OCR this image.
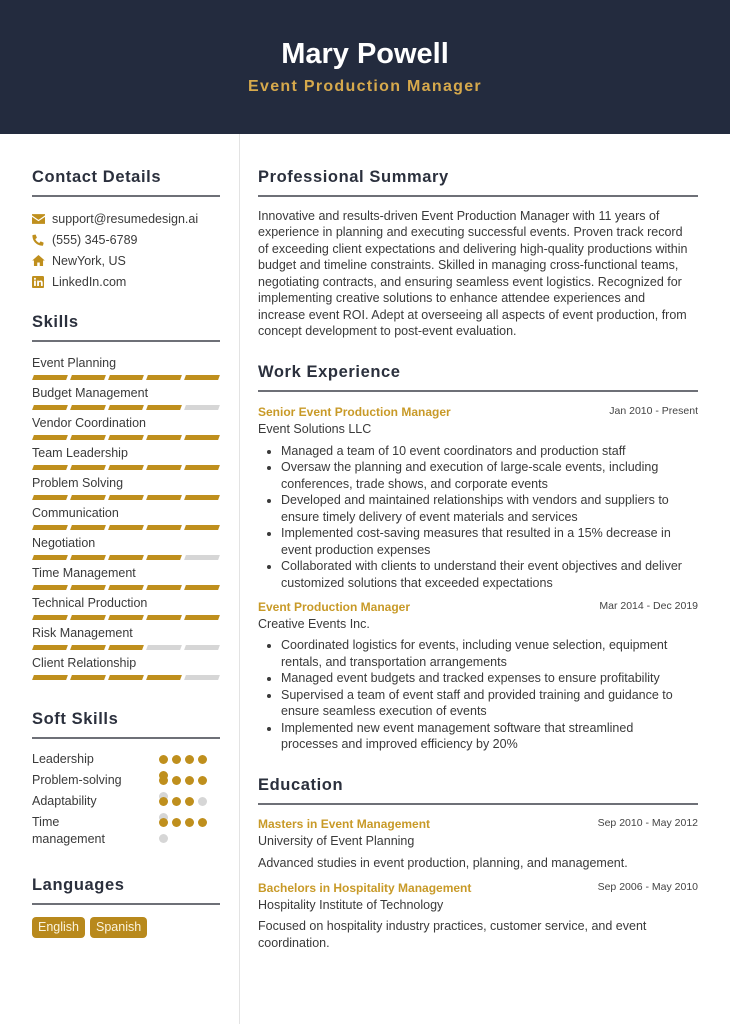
Mary Powell
Event Production Manager
Contact Details
support@resumedesign.ai
(555) 345-6789
NewYork, US
LinkedIn.com
Skills
Event Planning
Budget Management
Vendor Coordination
Team Leadership
Problem Solving
Communication
Negotiation
Time Management
Technical Production
Risk Management
Client Relationship
Soft Skills
Leadership
Problem-solving
Adaptability
Time management
Languages
English	Spanish
Professional Summary

Innovative and results-driven Event Production Manager with 11 years of experience in planning and executing successful events. Proven track record of exceeding client expectations and delivering high-quality productions within budget and timeline constraints. Skilled in managing cross-functional teams, negotiating contracts, and ensuring seamless event logistics. Recognized for implementing creative solutions to enhance attendee experiences and increase event ROI. Adept at overseeing all aspects of event production, from concept development to post-event evaluation.

Work Experience
Senior Event Production Manager	Jan 2010 - Present
Event Solutions LLC
• Managed a team of 10 event coordinators and production staff
• Oversaw the planning and execution of large-scale events, including conferences, trade shows, and corporate events
• Developed and maintained relationships with vendors and suppliers to ensure timely delivery of event materials and services
• Implemented cost-saving measures that resulted in a 15% decrease in event production expenses
• Collaborated with clients to understand their event objectives and deliver customized solutions that exceeded expectations
Event Production Manager	Mar 2014 - Dec 2019
Creative Events Inc.
• Coordinated logistics for events, including venue selection, equipment rentals, and transportation arrangements
• Managed event budgets and tracked expenses to ensure profitability
• Supervised a team of event staff and provided training and guidance to ensure seamless execution of events
• Implemented new event management software that streamlined processes and improved efficiency by 20%
Education
Masters in Event Management	Sep 2010 - May 2012
University of Event Planning

Advanced studies in event production, planning, and management.

Bachelors in Hospitality Management	Sep 2006 - May 2010
Hospitality Institute of Technology

Focused on hospitality industry practices, customer service, and event coordination.
